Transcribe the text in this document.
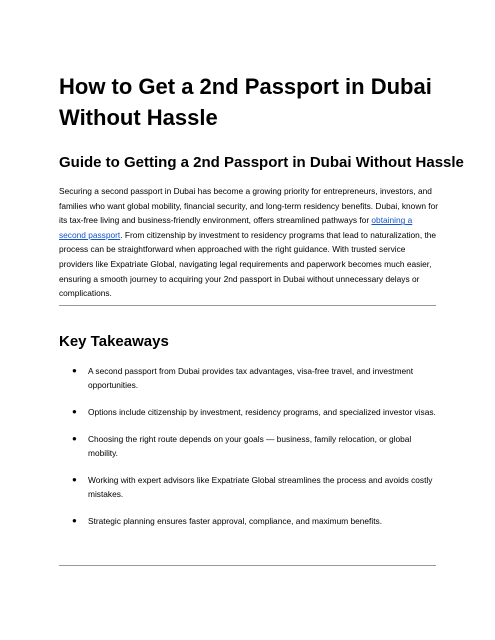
How to Get a 2nd Passport in Dubai Without Hassle
Guide to Getting a 2nd Passport in Dubai Without Hassle

Securing a second passport in Dubai has become a growing priority for entrepreneurs, investors, and families who want global mobility, financial security, and long-term residency benefits. Dubai, known for its tax-free living and business-friendly environment, offers streamlined pathways for obtaining a second passport. From citizenship by investment to residency programs that lead to naturalization, the process can be straightforward when approached with the right guidance. With trusted service providers like Expatriate Global, navigating legal requirements and paperwork becomes much easier, ensuring a smooth journey to acquiring your 2nd passport in Dubai without unnecessary delays or complications.

Key Takeaways
● A second passport from Dubai provides tax advantages, visa-free travel, and investment opportunities.
● Options include citizenship by investment, residency programs, and specialized investor visas.
● Choosing the right route depends on your goals — business, family relocation, or global mobility.
● Working with expert advisors like Expatriate Global streamlines the process and avoids costly mistakes.
● Strategic planning ensures faster approval, compliance, and maximum benefits.
